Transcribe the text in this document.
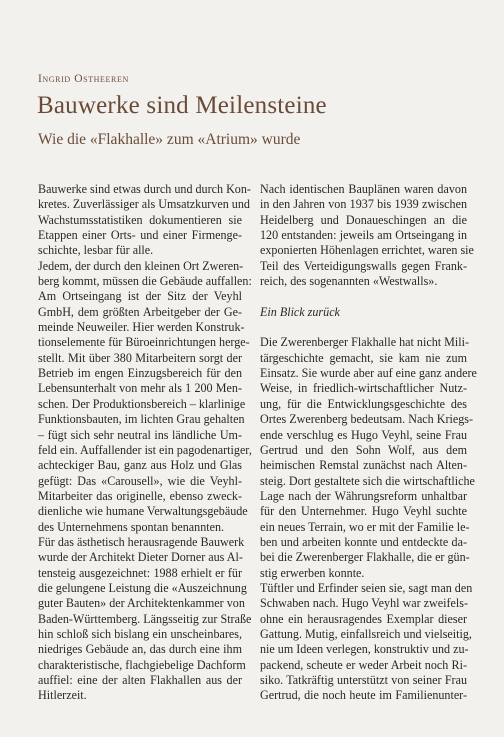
Ingrid Ostheeren
Bauwerke sind Meilensteine
Wie die «Flakhalle» zum «Atrium» wurde
Bauwerke sind etwas durch und durch Kon-
kretes. Zuverlässiger als Umsatzkurven und
Wachstumsstatistiken dokumentieren sie
Etappen einer Orts- und einer Firmenge-
schichte, lesbar für alle.
Jedem, der durch den kleinen Ort Zweren-
berg kommt, müssen die Gebäude auffallen:
Am Ortseingang ist der Sitz der Veyhl
GmbH, dem größten Arbeitgeber der Ge-
meinde Neuweiler. Hier werden Konstruk-
tionselemente für Büroeinrichtungen herge-
stellt. Mit über 380 Mitarbeitern sorgt der
Betrieb im engen Einzugsbereich für den
Lebensunterhalt von mehr als 1 200 Men-
schen. Der Produktionsbereich – klarlinige
Funktionsbauten, im lichten Grau gehalten
– fügt sich sehr neutral ins ländliche Um-
feld ein. Auffallender ist ein pagodenartiger,
achteckiger Bau, ganz aus Holz und Glas
gefügt: Das «Carousell», wie die Veyhl-
Mitarbeiter das originelle, ebenso zweck-
dienliche wie humane Verwaltungsgebäude
des Unternehmens spontan benannten.
Für das ästhetisch herausragende Bauwerk
wurde der Architekt Dieter Dorner aus Al-
tensteig ausgezeichnet: 1988 erhielt er für
die gelungene Leistung die «Auszeichnung
guter Bauten» der Architektenkammer von
Baden-Württemberg. Längsseitig zur Straße
hin schloß sich bislang ein unscheinbares,
niedriges Gebäude an, das durch eine ihm
charakteristische, flachgiebelige Dachform
auffiel: eine der alten Flakhallen aus der
Hitlerzeit.
Nach identischen Bauplänen waren davon
in den Jahren von 1937 bis 1939 zwischen
Heidelberg und Donaueschingen an die
120 entstanden: jeweils am Ortseingang in
exponierten Höhenlagen errichtet, waren sie
Teil des Verteidigungswalls gegen Frank-
reich, des sogenannten «Westwalls».
Ein Blick zurück
Die Zwerenberger Flakhalle hat nicht Mili-
tärgeschichte gemacht, sie kam nie zum
Einsatz. Sie wurde aber auf eine ganz andere
Weise, in friedlich-wirtschaftlicher Nutz-
ung, für die Entwicklungsgeschichte des
Ortes Zwerenberg bedeutsam. Nach Kriegs-
ende verschlug es Hugo Veyhl, seine Frau
Gertrud und den Sohn Wolf, aus dem
heimischen Remstal zunächst nach Alten-
steig. Dort gestaltete sich die wirtschaftliche
Lage nach der Währungsreform unhaltbar
für den Unternehmer. Hugo Veyhl suchte
ein neues Terrain, wo er mit der Familie le-
ben und arbeiten konnte und entdeckte da-
bei die Zwerenberger Flakhalle, die er gün-
stig erwerben konnte.
Tüftler und Erfinder seien sie, sagt man den
Schwaben nach. Hugo Veyhl war zweifels-
ohne ein herausragendes Exemplar dieser
Gattung. Mutig, einfallsreich und vielseitig,
nie um Ideen verlegen, konstruktiv und zu-
packend, scheute er weder Arbeit noch Ri-
siko. Tatkräftig unterstützt von seiner Frau
Gertrud, die noch heute im Familienunter-
